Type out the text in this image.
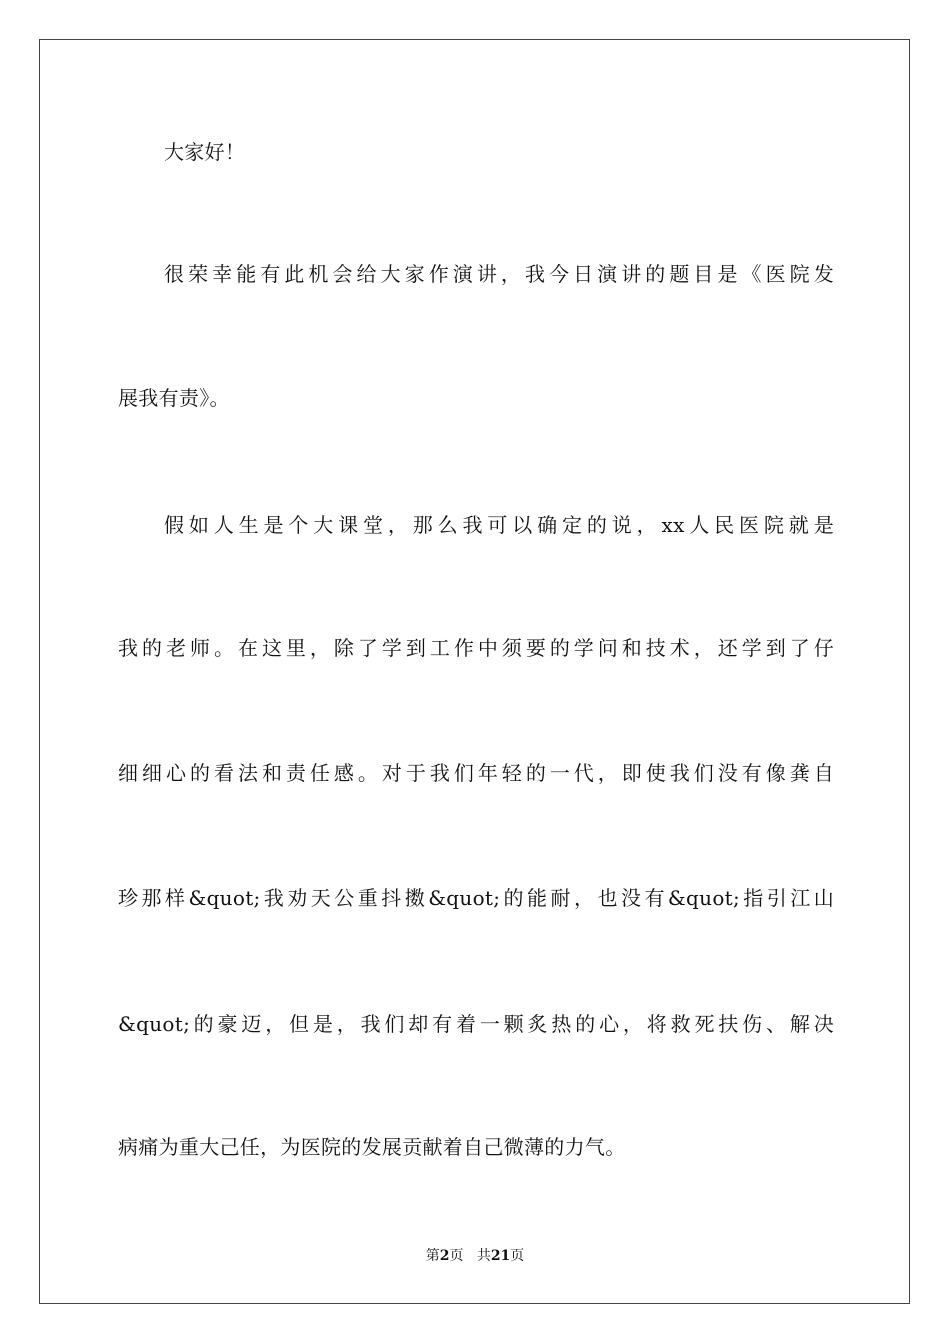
大家好！
很荣幸能有此机会给大家作演讲，我今日演讲的题目是《医院发
展我有责》。
假如人生是个大课堂，那么我可以确定的说，xx人民医院就是
我的老师。在这里，除了学到工作中须要的学问和技术，还学到了仔
细细心的看法和责任感。对于我们年轻的一代，即使我们没有像龚自
珍那样&quot;我劝天公重抖擞&quot;的能耐，也没有&quot;指引江山
&quot;的豪迈，但是，我们却有着一颗炙热的心，将救死扶伤、解决
病痛为重大己任，为医院的发展贡献着自己微薄的力气。
第2页 共21页
